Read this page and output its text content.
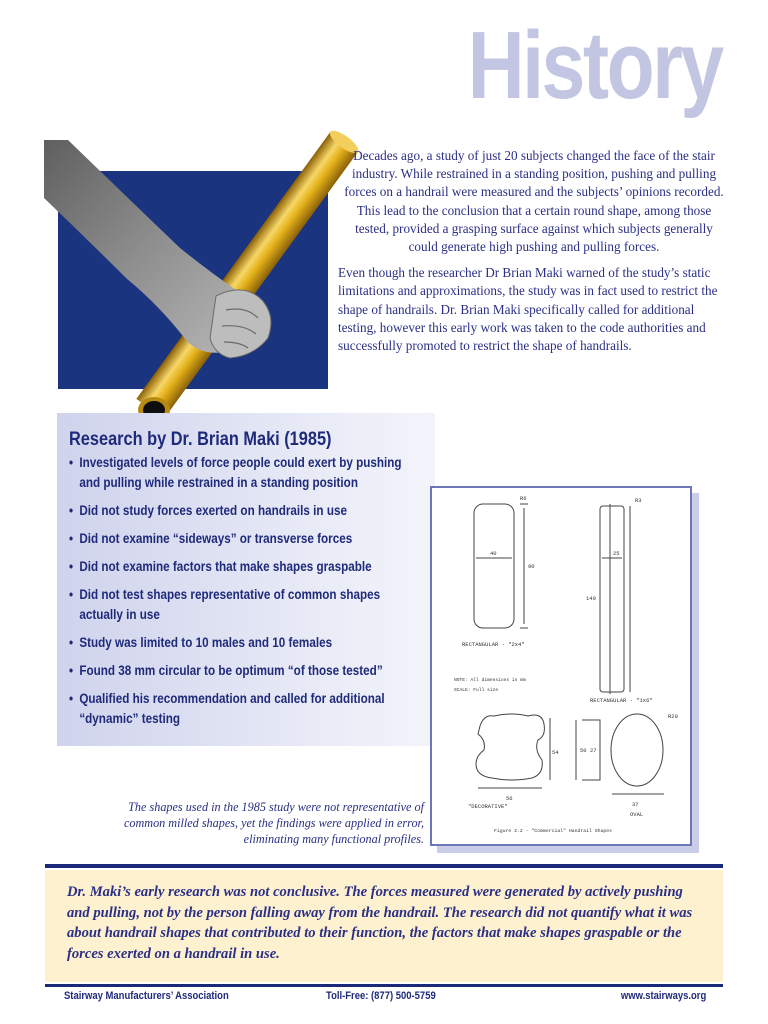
History

Decades ago, a study of just 20 subjects changed the face of the stair industry. While restrained in a standing position, pushing and pulling forces on a handrail were measured and the subjects’ opinions recorded. This lead to the conclusion that a certain round shape, among those tested, provided a grasping surface against which subjects generally could generate high pushing and pulling forces.

Even though the researcher Dr Brian Maki warned of the study’s static limitations and approximations, the study was in fact used to restrict the shape of handrails. Dr. Brian Maki specifically called for additional testing, however this early work was taken to the code authorities and successfully promoted to restrict the shape of handrails.

Research by Dr. Brian Maki (1985)
• Investigated levels of force people could exert by pushing and pulling while restrained in a standing position
• Did not study forces exerted on handrails in use
• Did not examine “sideways” or transverse forces
• Did not examine factors that make shapes graspable
• Did not test shapes representative of common shapes actually in use
• Study was limited to 10 males and 10 females
• Found 38 mm circular to be optimum “of those tested”
• Qualified his recommendation and called for additional “dynamic” testing
R6
40
90
RECTANGULAR - "2x4"
R3
25
140
RECTANGULAR - "1x6"
NOTE: All dimensions in mm
SCALE: Full size
54
56
"DECORATIVE"
R20
50 27
37
OVAL
Figure 2.2 - "Commercial" Handrail Shapes
The shapes used in the 1985 study were not representative of common milled shapes, yet the findings were applied in error, eliminating many functional profiles.
Dr. Maki’s early research was not conclusive. The forces measured were generated by actively pushing and pulling, not by the person falling away from the handrail. The research did not quantify what it was about handrail shapes that contributed to their function, the factors that make shapes graspable or the forces exerted on a handrail in use.
Stairway Manufacturers’ Association	Toll-Free: (877) 500-5759	www.stairways.org
